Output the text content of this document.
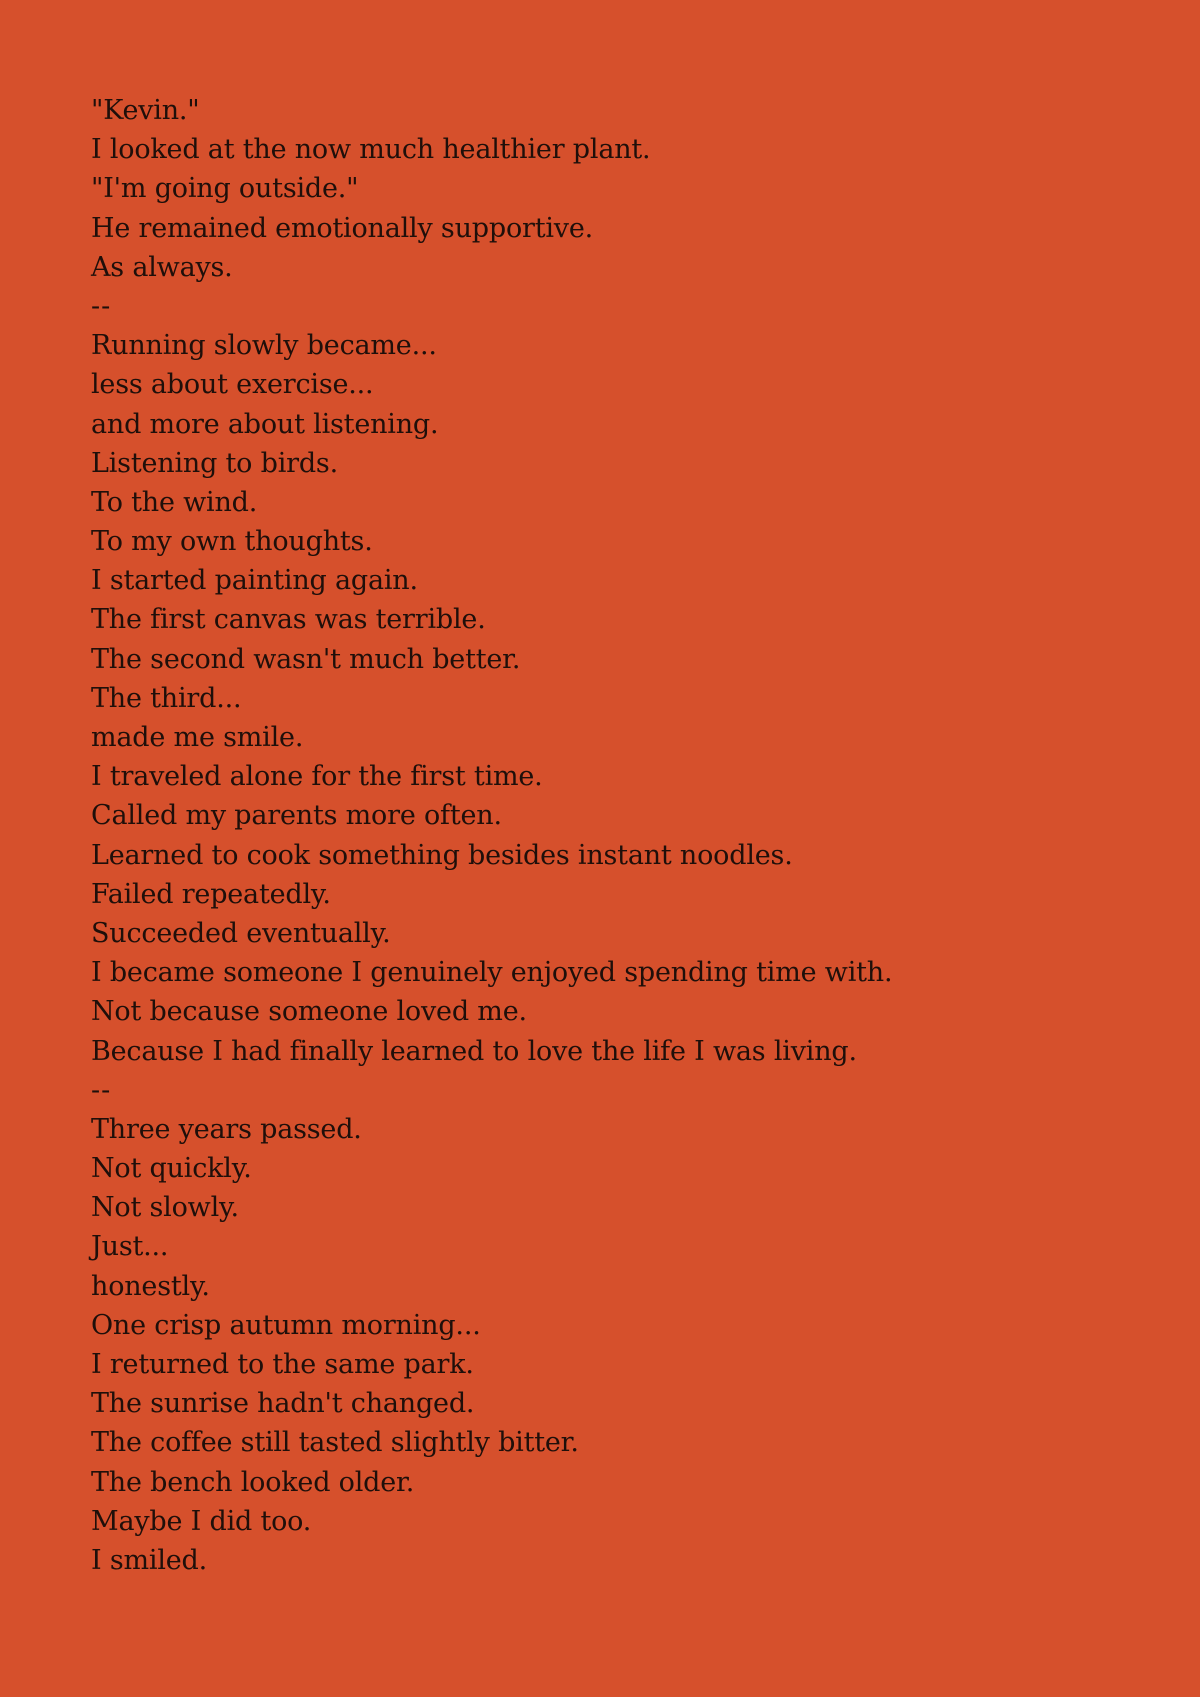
"Kevin."
I looked at the now much healthier plant.
"I'm going outside."
He remained emotionally supportive.
As always.
--
Running slowly became...
less about exercise...
and more about listening.
Listening to birds.
To the wind.
To my own thoughts.
I started painting again.
The first canvas was terrible.
The second wasn't much better.
The third...
made me smile.
I traveled alone for the first time.
Called my parents more often.
Learned to cook something besides instant noodles.
Failed repeatedly.
Succeeded eventually.
I became someone I genuinely enjoyed spending time with.
Not because someone loved me.
Because I had finally learned to love the life I was living.
--
Three years passed.
Not quickly.
Not slowly.
Just...
honestly.
One crisp autumn morning...
I returned to the same park.
The sunrise hadn't changed.
The coffee still tasted slightly bitter.
The bench looked older.
Maybe I did too.
I smiled.
